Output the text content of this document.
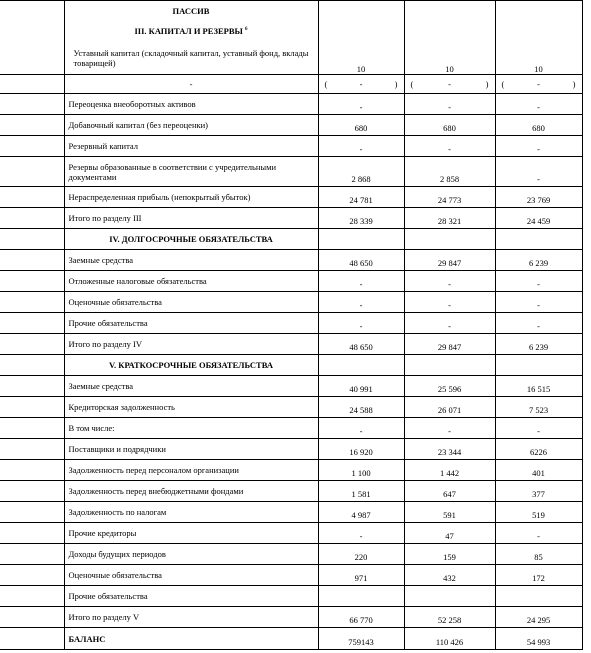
	ПАССИВ
III. КАПИТАЛ И РЕЗЕРВЫ $^6$
Уставный капитал (складочный капитал, уставный фонд, вклады товарищей)	10	10	10
	-	( - )	( - )	( - )

	Переоценка внеоборотных активов	-	-	-
	Добавочный капитал (без переоценки)	680	680	680
	Резервный капитал	-	-	-
	Резервы образованные в соответствии с учредительными документами	2 868	2 858	-
	Нераспределенная прибыль (непокрытый убыток)	24 781	24 773	23 769
	Итого по разделу III	28 339	28 321	24 459
	IV. ДОЛГОСРОЧНЫЕ ОБЯЗАТЕЛЬСТВА			
	Заемные средства	48 650	29 847	6 239
	Отложенные налоговые обязательства	-	-	-
	Оценочные обязательства	-	-	-
	Прочие обязательства	-	-	-
	Итого по разделу IV	48 650	29 847	6 239
	V. КРАТКОСРОЧНЫЕ ОБЯЗАТЕЛЬСТВА			
	Заемные средства	40 991	25 596	16 515
	Кредиторская задолженность	24 588	26 071	7 523
	В том числе:	-	-	-
	Поставщики и подрядчики	16 920	23 344	6226
	Задолженность перед персоналом организации	1 100	1 442	401
	Задолженность перед внебюджетными фондами	1 581	647	377
	Задолженность по налогам	4 987	591	519
	Прочие кредиторы	-	47	-
	Доходы будущих периодов	220	159	85
	Оценочные обязательства	971	432	172
	Прочие обязательства			
	Итого по разделу V	66 770	52 258	24 295
	БАЛАНС	759143	110 426	54 993
